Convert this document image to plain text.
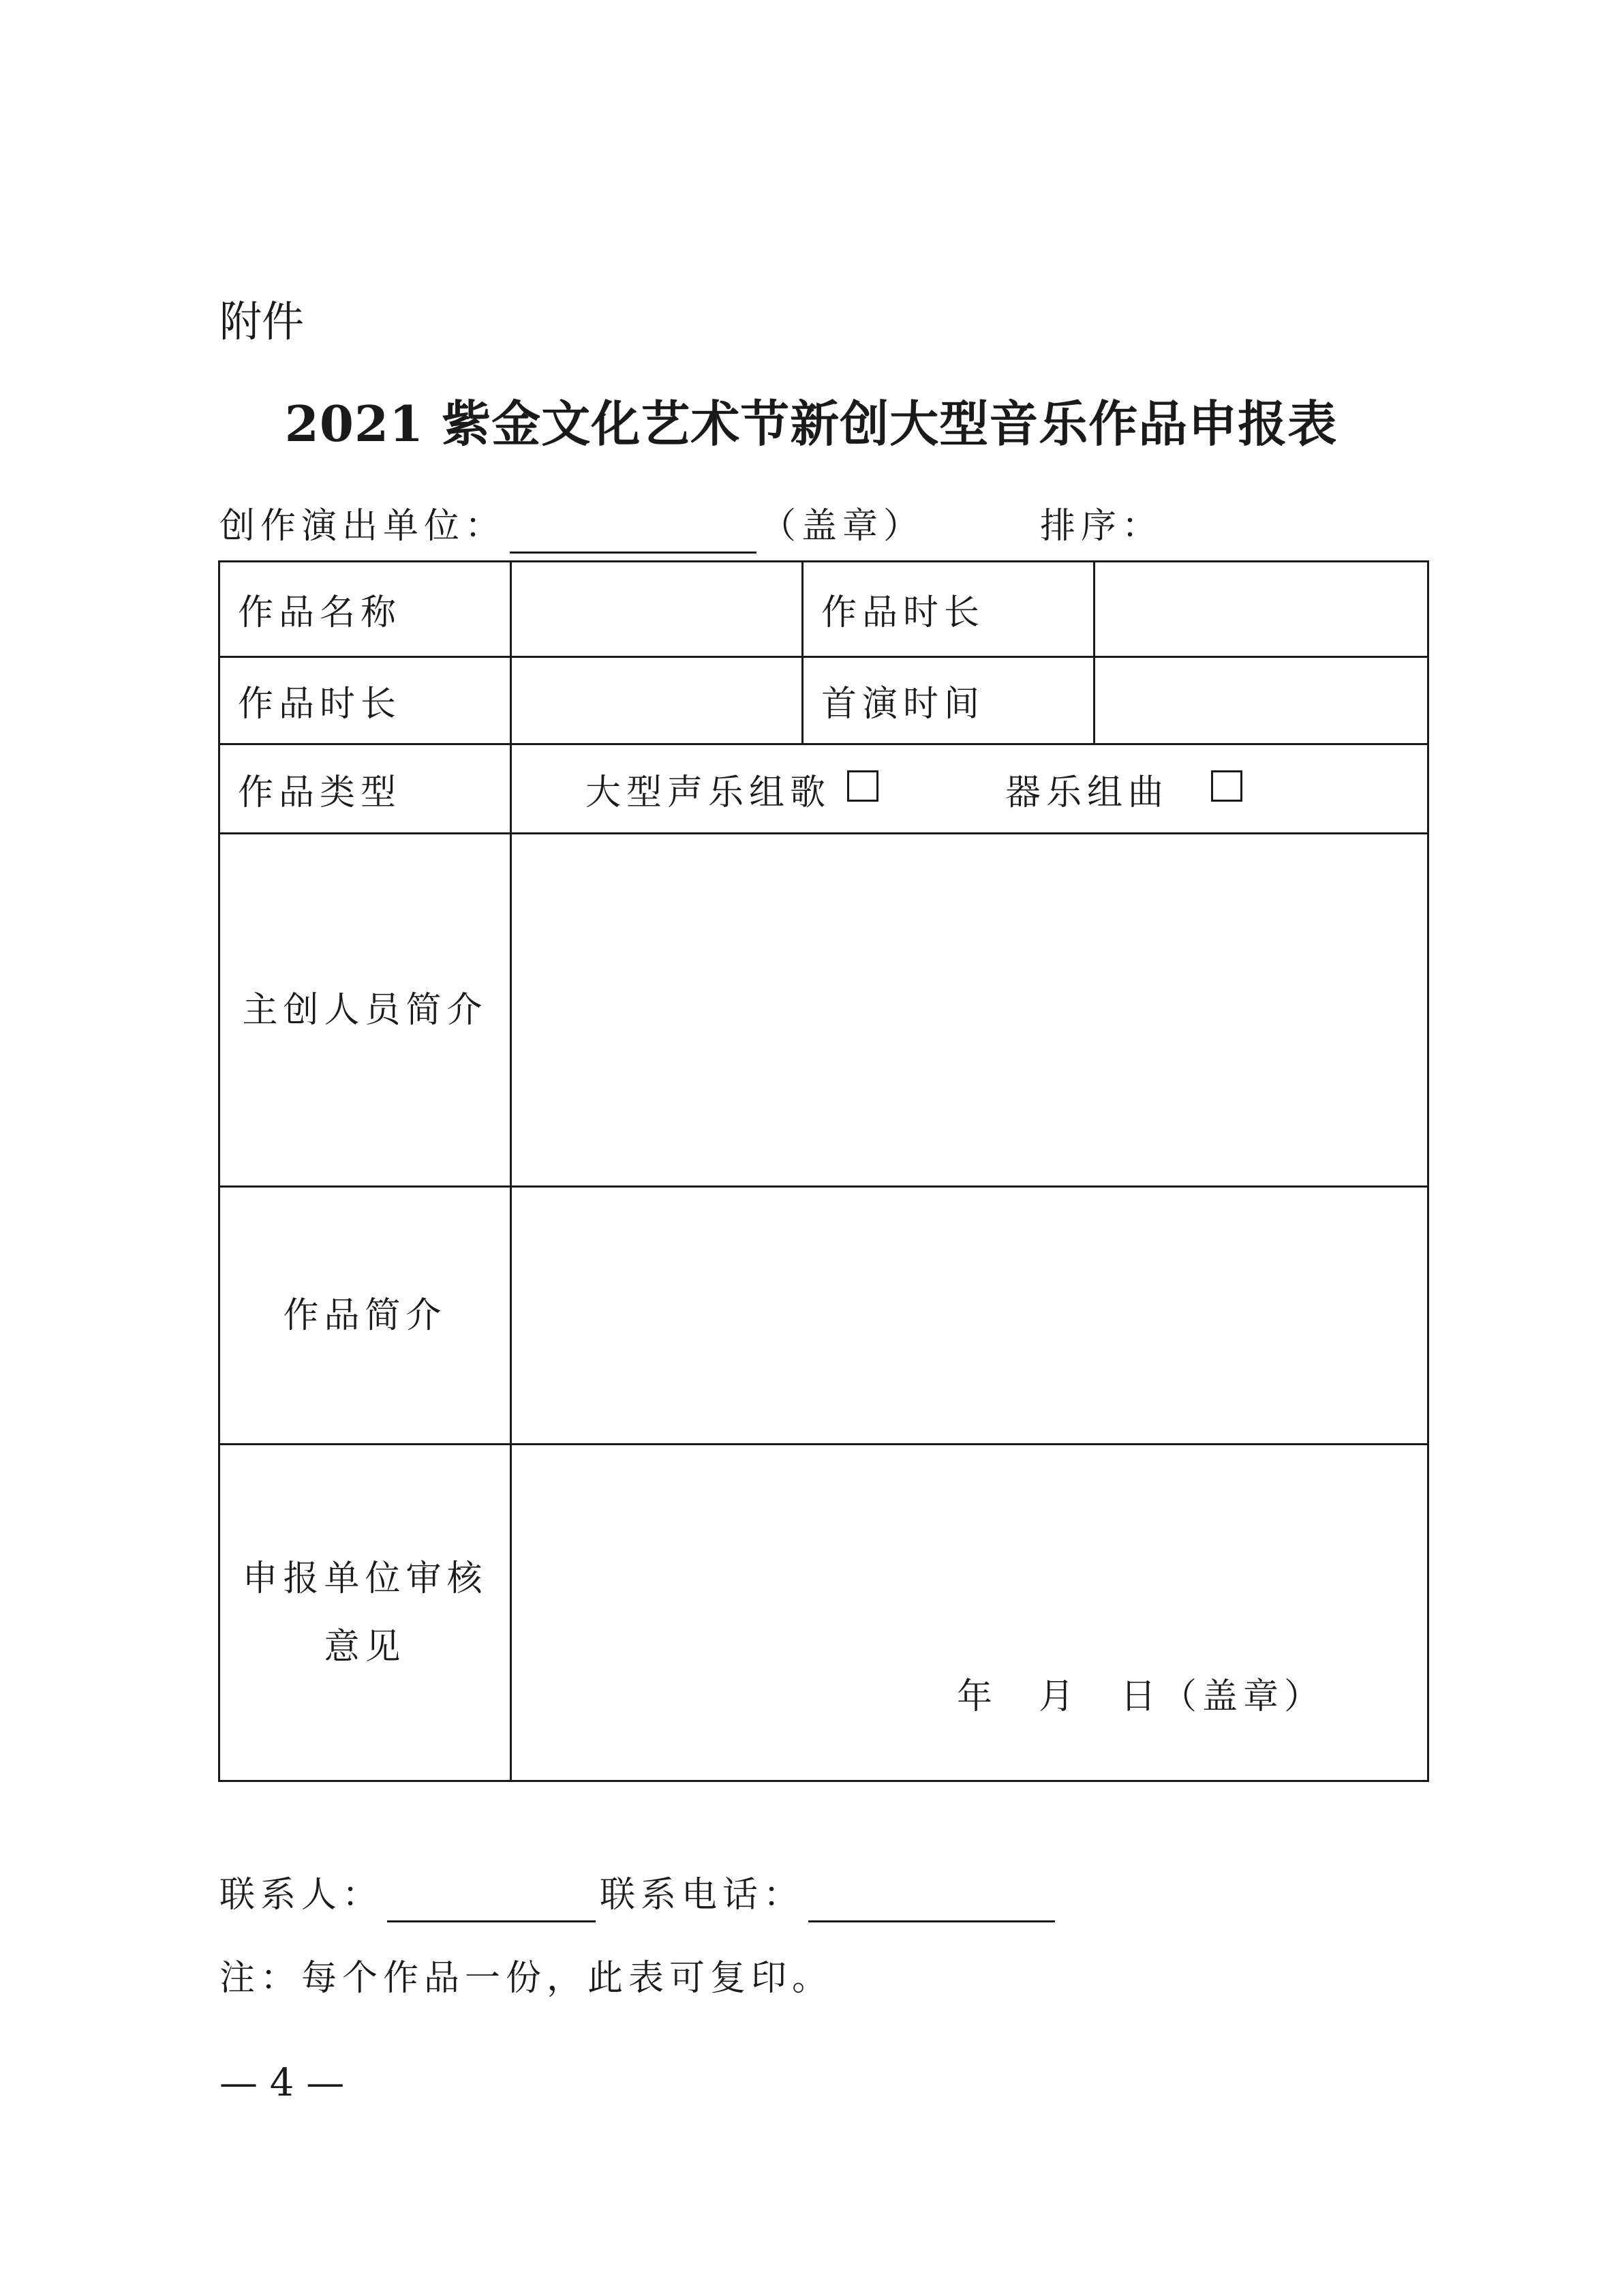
附件
2021 紫金文化艺术节新创大型音乐作品申报表
创作演出单位：	（盖章）	排序：
作品名称		作品时长	
作品时长		首演时间	
作品类型	大型声乐组歌 器乐组曲		

主创人员简介			
作品简介			

申报单位审核
意见	年　月　日（盖章）		
联系人：	联系电话：
注：每个作品一份，此表可复印。
— 4 —
